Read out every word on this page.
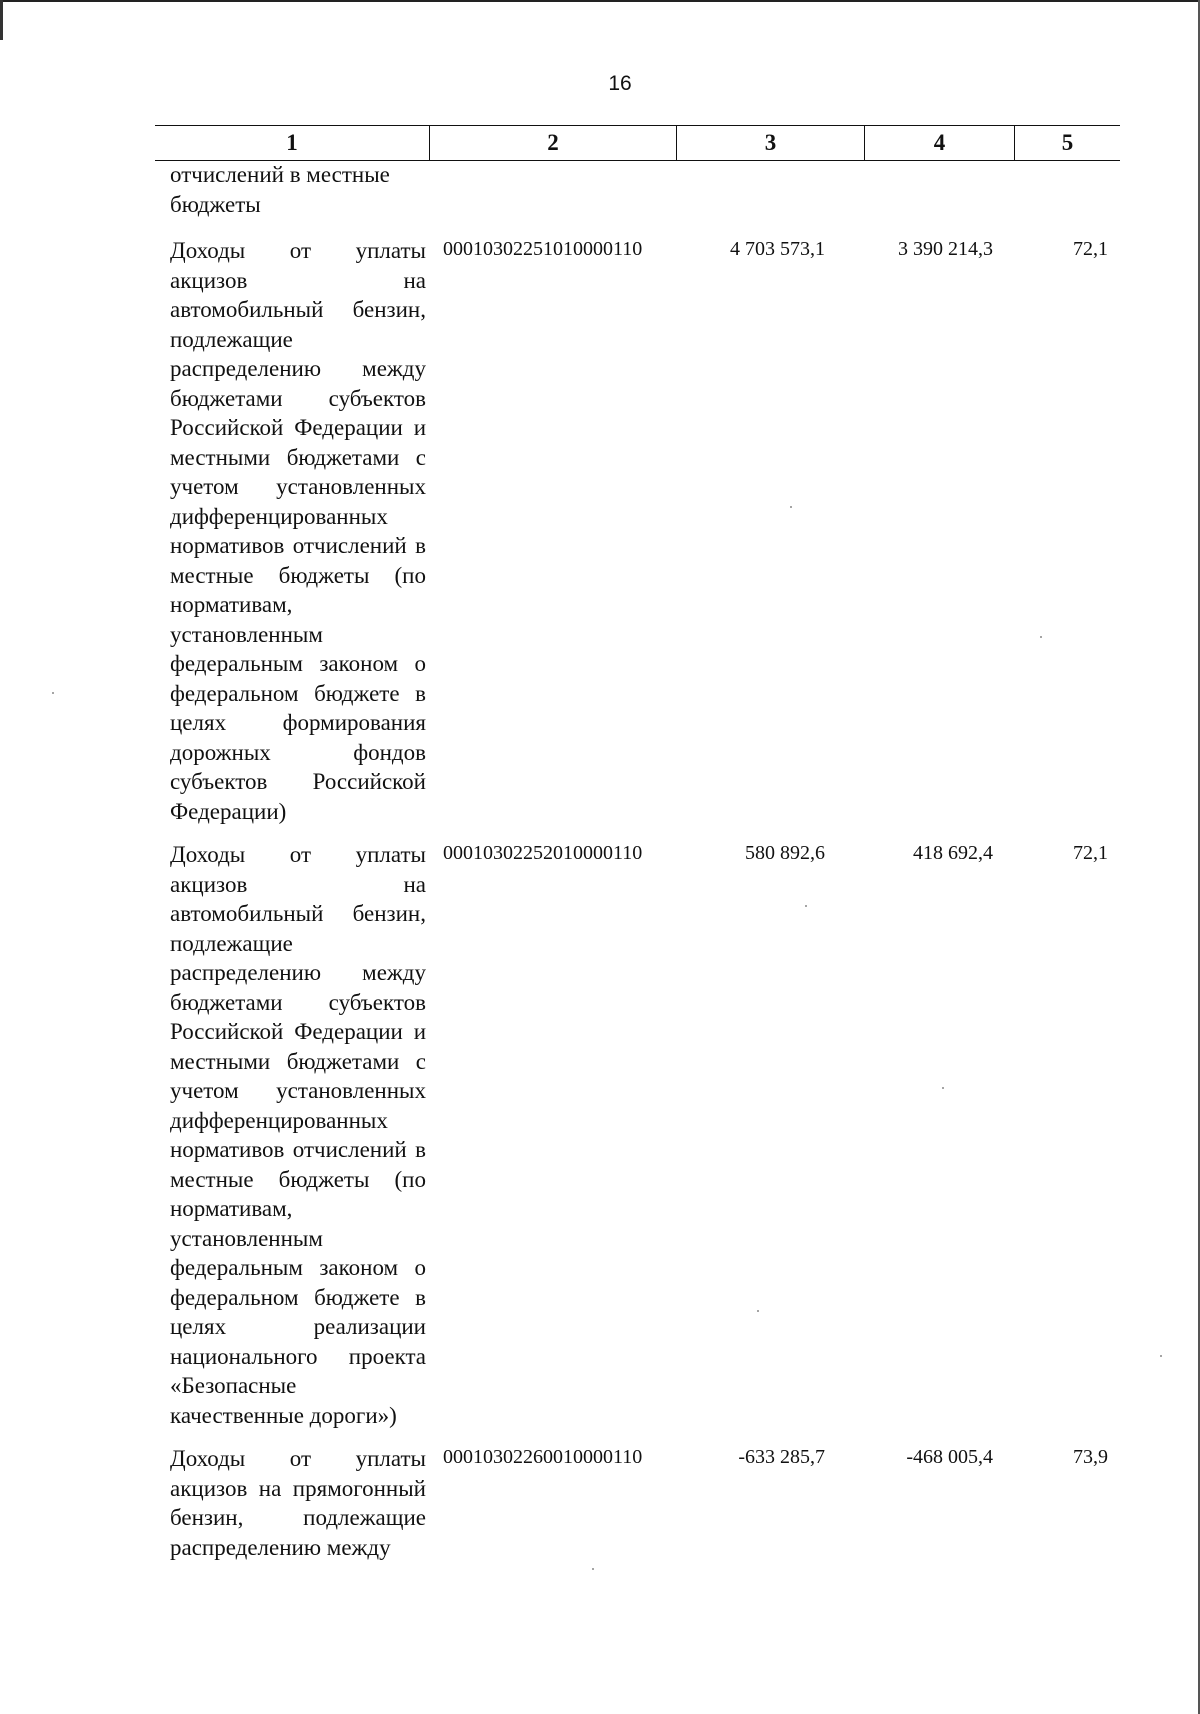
16
1	2	3	4	5
отчислений в местные бюджеты
Доходы от уплаты акцизов на автомобильный бензин, подлежащие распределению между бюджетами субъектов Российской Федерации и местными бюджетами с учетом установленных дифференцированных нормативов отчислений в местные бюджеты (по нормативам, установленным федеральным законом о федеральном бюджете в целях формирования дорожных фондов субъектов Российской Федерации)
00010302251010000110	4 703 573,1	3 390 214,3	72,1
Доходы от уплаты акцизов на автомобильный бензин, подлежащие распределению между бюджетами субъектов Российской Федерации и местными бюджетами с учетом установленных дифференцированных нормативов отчислений в местные бюджеты (по нормативам, установленным федеральным законом о федеральном бюджете в целях реализации национального проекта «Безопасные качественные дороги»)
00010302252010000110	580 892,6	418 692,4	72,1
Доходы от уплаты акцизов на прямогонный бензин, подлежащие распределению между
00010302260010000110	-633 285,7	-468 005,4	73,9
